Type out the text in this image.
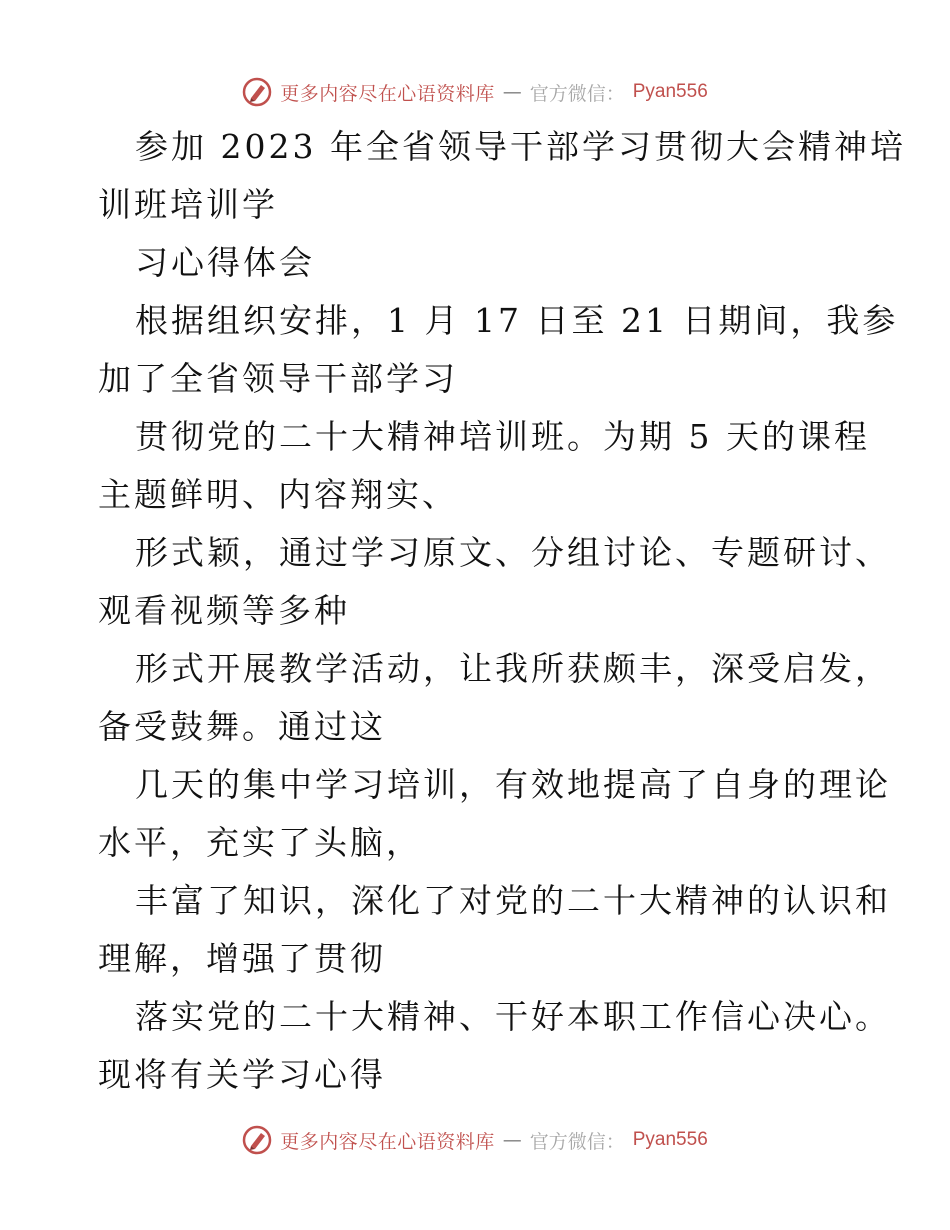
更多内容尽在心语资料库 — 官方微信： Pyan556
参加 2023 年全省领导干部学习贯彻大会精神培
训班培训学
习心得体会
根据组织安排，1 月 17 日至 21 日期间，我参
加了全省领导干部学习
贯彻党的二十大精神培训班。为期 5 天的课程
主题鲜明、内容翔实、
形式颖，通过学习原文、分组讨论、专题研讨、
观看视频等多种
形式开展教学活动，让我所获颇丰，深受启发，
备受鼓舞。通过这
几天的集中学习培训，有效地提高了自身的理论
水平，充实了头脑，
丰富了知识，深化了对党的二十大精神的认识和
理解，增强了贯彻
落实党的二十大精神、干好本职工作信心决心。
现将有关学习心得
更多内容尽在心语资料库 — 官方微信： Pyan556
